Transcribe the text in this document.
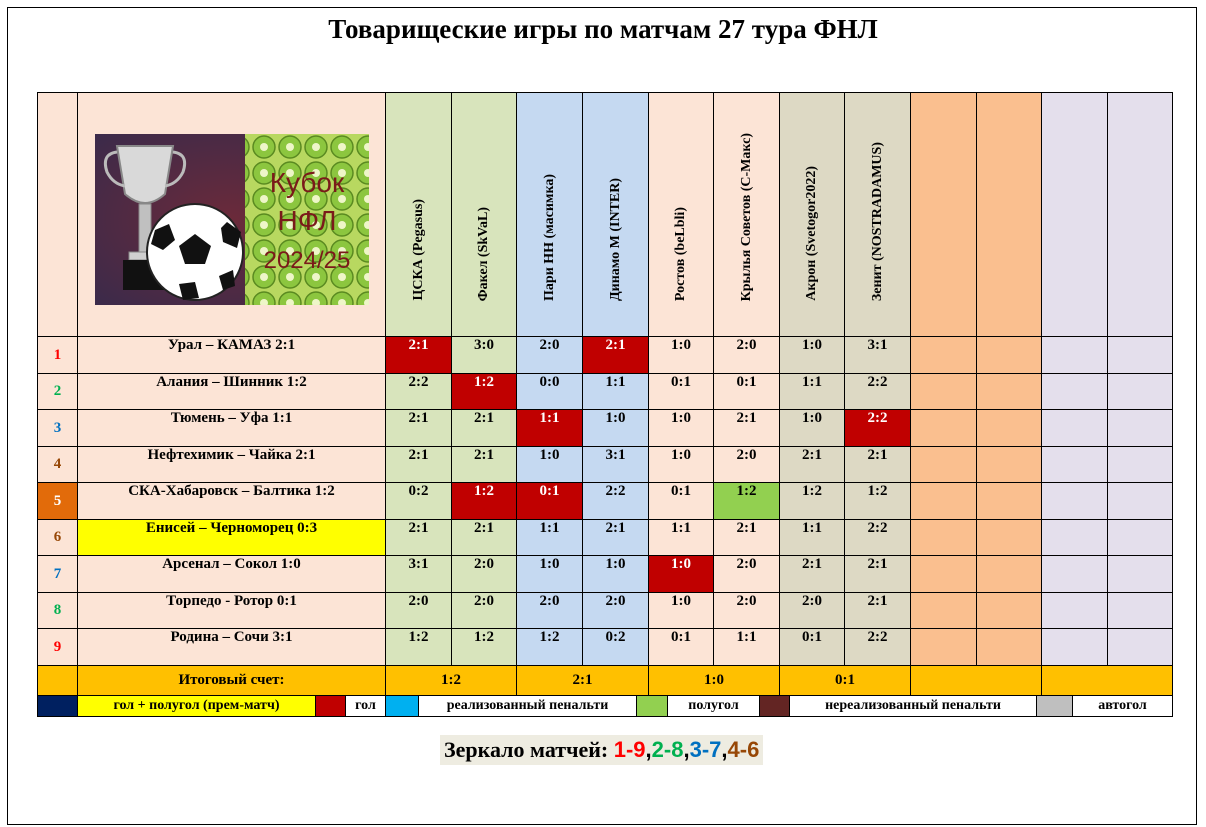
Товарищеские игры по матчам 27 тура ФНЛ
		ЦСКА (Pegasus)	Факел (SkVaL)	Пари НН (масимка)	Динамо М (INTER)	Ростов (beLbli)	Крылья Советов (С-Макс)	Акрон (Svetogor2022)	Зенит (NOSTRADAMUS)				
1	Урал – КАМАЗ 2:1	2:1	3:0	2:0	2:1	1:0	2:0	1:0	3:1				
2	Алания – Шинник 1:2	2:2	1:2	0:0	1:1	0:1	0:1	1:1	2:2				
3	Тюмень – Уфа 1:1	2:1	2:1	1:1	1:0	1:0	2:1	1:0	2:2				
4	Нефтехимик – Чайка 2:1	2:1	2:1	1:0	3:1	1:0	2:0	2:1	2:1				
5	СКА-Хабаровск – Балтика 1:2	0:2	1:2	0:1	2:2	0:1	1:2	1:2	1:2				
6	Енисей – Черноморец 0:3	2:1	2:1	1:1	2:1	1:1	2:1	1:1	2:2				
7	Арсенал – Сокол 1:0	3:1	2:0	1:0	1:0	1:0	2:0	2:1	2:1				
8	Торпедо - Ротор 0:1	2:0	2:0	2:0	2:0	1:0	2:0	2:0	2:1				
9	Родина – Сочи 3:1	1:2	1:2	1:2	0:2	0:1	1:1	0:1	2:2				
	Итоговый счет:	1:2		2:1		1:0		0:1					
гол + полугол (прем-матч)	гол	реализованный пенальти	полугол	нереализованный пенальти	автогол
Зеркало матчей:
1-9 , 2-8 , 3-7 , 4-6
Кубок
НФЛ
2024/25
